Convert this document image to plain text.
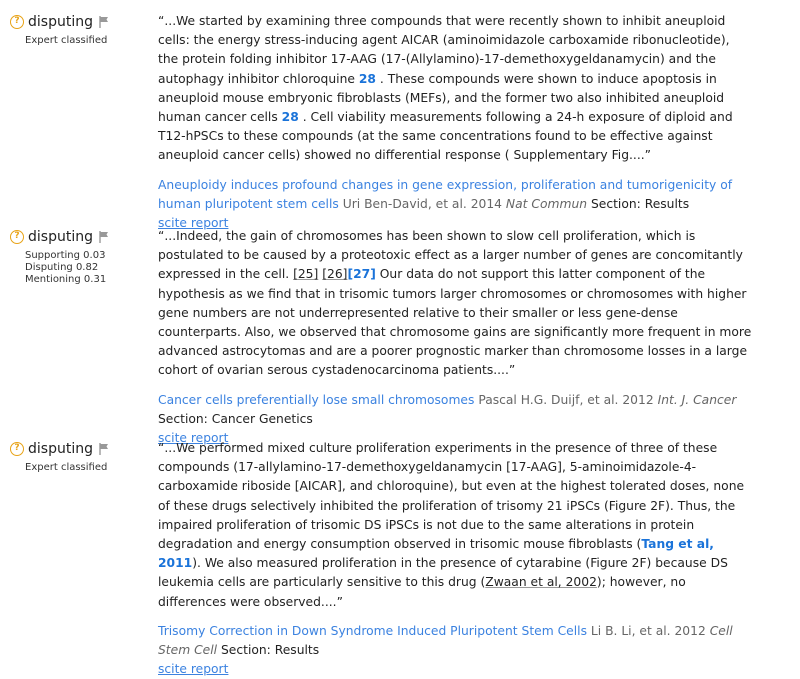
? disputing
Expert classified

“...We started by examining three compounds that were recently shown to inhibit aneuploid cells: the energy stress-inducing agent AICAR (aminoimidazole carboxamide ribonucleotide), the protein folding inhibitor 17-AAG (17-(Allylamino)-17-demethoxygeldanamycin) and the autophagy inhibitor chloroquine 28 . These compounds were shown to induce apoptosis in aneuploid mouse embryonic fibroblasts (MEFs), and the former two also inhibited aneuploid human cancer cells 28 . Cell viability measurements following a 24-h exposure of diploid and T12-hPSCs to these compounds (at the same concentrations found to be effective against aneuploid cancer cells) showed no differential response ( Supplementary Fig....”

Aneuploidy induces profound changes in gene expression, proliferation and tumorigenicity of human pluripotent stem cells Uri Ben-David, et al. 2014 Nat Commun Section: Results

scite report
? disputing
Supporting 0.03
Disputing 0.82
Mentioning 0.31

“...Indeed, the gain of chromosomes has been shown to slow cell proliferation, which is postulated to be caused by a proteotoxic effect as a larger number of genes are concomitantly expressed in the cell. [25] [26][27] Our data do not support this latter component of the hypothesis as we find that in trisomic tumors larger chromosomes or chromosomes with higher gene numbers are not underrepresented relative to their smaller or less gene-dense counterparts. Also, we observed that chromosome gains are significantly more frequent in more advanced astrocytomas and are a poorer prognostic marker than chromosome losses in a large cohort of ovarian serous cystadenocarcinoma patients....”

Cancer cells preferentially lose small chromosomes Pascal H.G. Duijf, et al. 2012 Int. J. Cancer Section: Cancer Genetics

scite report
? disputing
Expert classified

“...We performed mixed culture proliferation experiments in the presence of three of these compounds (17-allylamino-17-demethoxygeldanamycin [17-AAG], 5-aminoimidazole-4-carboxamide riboside [AICAR], and chloroquine), but even at the highest tolerated doses, none of these drugs selectively inhibited the proliferation of trisomy 21 iPSCs (Figure 2F). Thus, the impaired proliferation of trisomic DS iPSCs is not due to the same alterations in protein degradation and energy consumption observed in trisomic mouse fibroblasts (Tang et al, 2011). We also measured proliferation in the presence of cytarabine (Figure 2F) because DS leukemia cells are particularly sensitive to this drug (Zwaan et al, 2002); however, no differences were observed....”

Trisomy Correction in Down Syndrome Induced Pluripotent Stem Cells Li B. Li, et al. 2012 Cell Stem Cell Section: Results

scite report
